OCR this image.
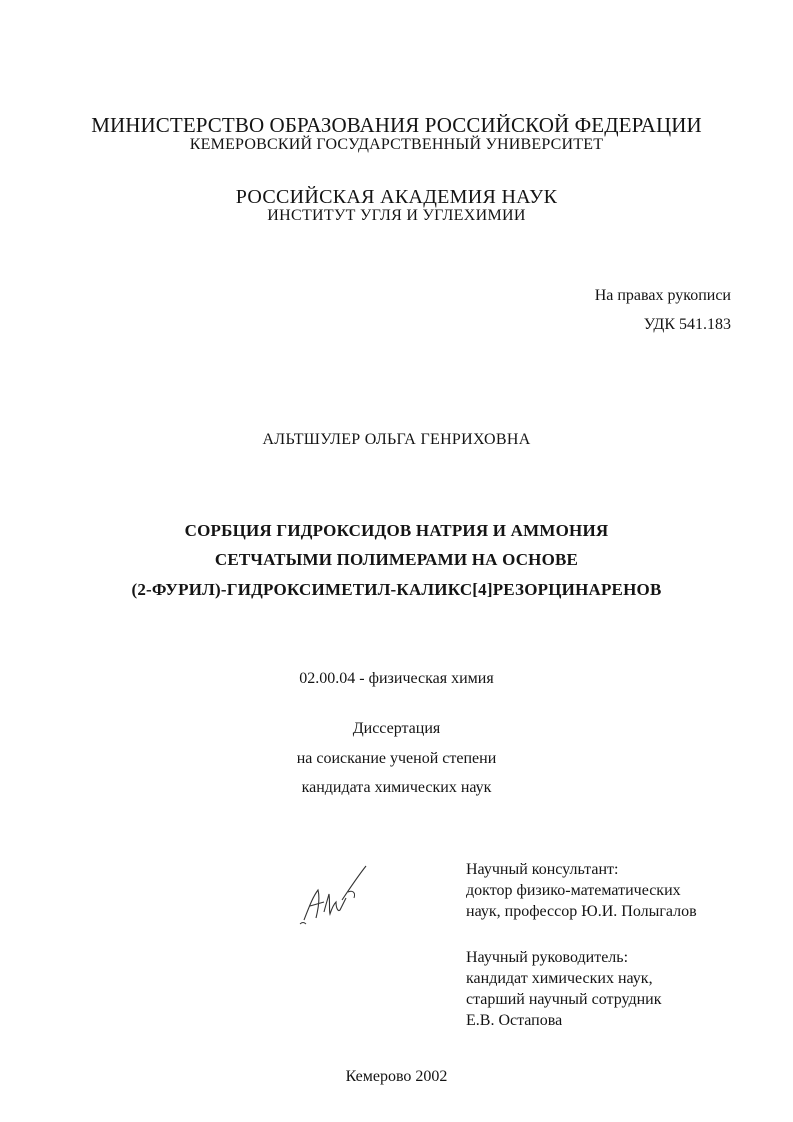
МИНИСТЕРСТВО ОБРАЗОВАНИЯ РОССИЙСКОЙ ФЕДЕРАЦИИ
КЕМЕРОВСКИЙ ГОСУДАРСТВЕННЫЙ УНИВЕРСИТЕТ
РОССИЙСКАЯ АКАДЕМИЯ НАУК
ИНСТИТУТ УГЛЯ И УГЛЕХИМИИ
На правах рукописи
УДК 541.183
АЛЬТШУЛЕР ОЛЬГА ГЕНРИХОВНА
СОРБЦИЯ ГИДРОКСИДОВ НАТРИЯ И АММОНИЯ
СЕТЧАТЫМИ ПОЛИМЕРАМИ НА ОСНОВЕ
(2-ФУРИЛ)-ГИДРОКСИМЕТИЛ-КАЛИКС[4]РЕЗОРЦИНАРЕНОВ
02.00.04 - физическая химия
Диссертация
на соискание ученой степени
кандидата химических наук
Научный консультант:
доктор физико-математических
наук, профессор Ю.И. Полыгалов
Научный руководитель:
кандидат химических наук,
старший научный сотрудник
Е.В. Остапова
Кемерово 2002
